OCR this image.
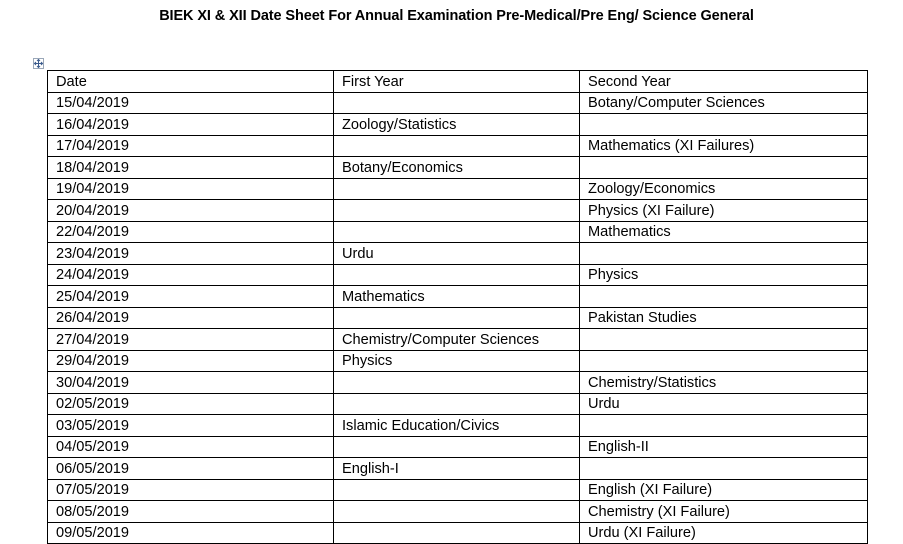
BIEK XI & XII Date Sheet For Annual Examination Pre-Medical/Pre Eng/ Science General
Date	First Year	Second Year
15/04/2019		Botany/Computer Sciences
16/04/2019	Zoology/Statistics	
17/04/2019		Mathematics (XI Failures)
18/04/2019	Botany/Economics	
19/04/2019		Zoology/Economics
20/04/2019		Physics (XI Failure)
22/04/2019		Mathematics
23/04/2019	Urdu	
24/04/2019		Physics
25/04/2019	Mathematics	
26/04/2019		Pakistan Studies
27/04/2019	Chemistry/Computer Sciences	
29/04/2019	Physics	
30/04/2019		Chemistry/Statistics
02/05/2019		Urdu
03/05/2019	Islamic Education/Civics	
04/05/2019		English-II
06/05/2019	English-I	
07/05/2019		English (XI Failure)
08/05/2019		Chemistry (XI Failure)
09/05/2019		Urdu (XI Failure)
